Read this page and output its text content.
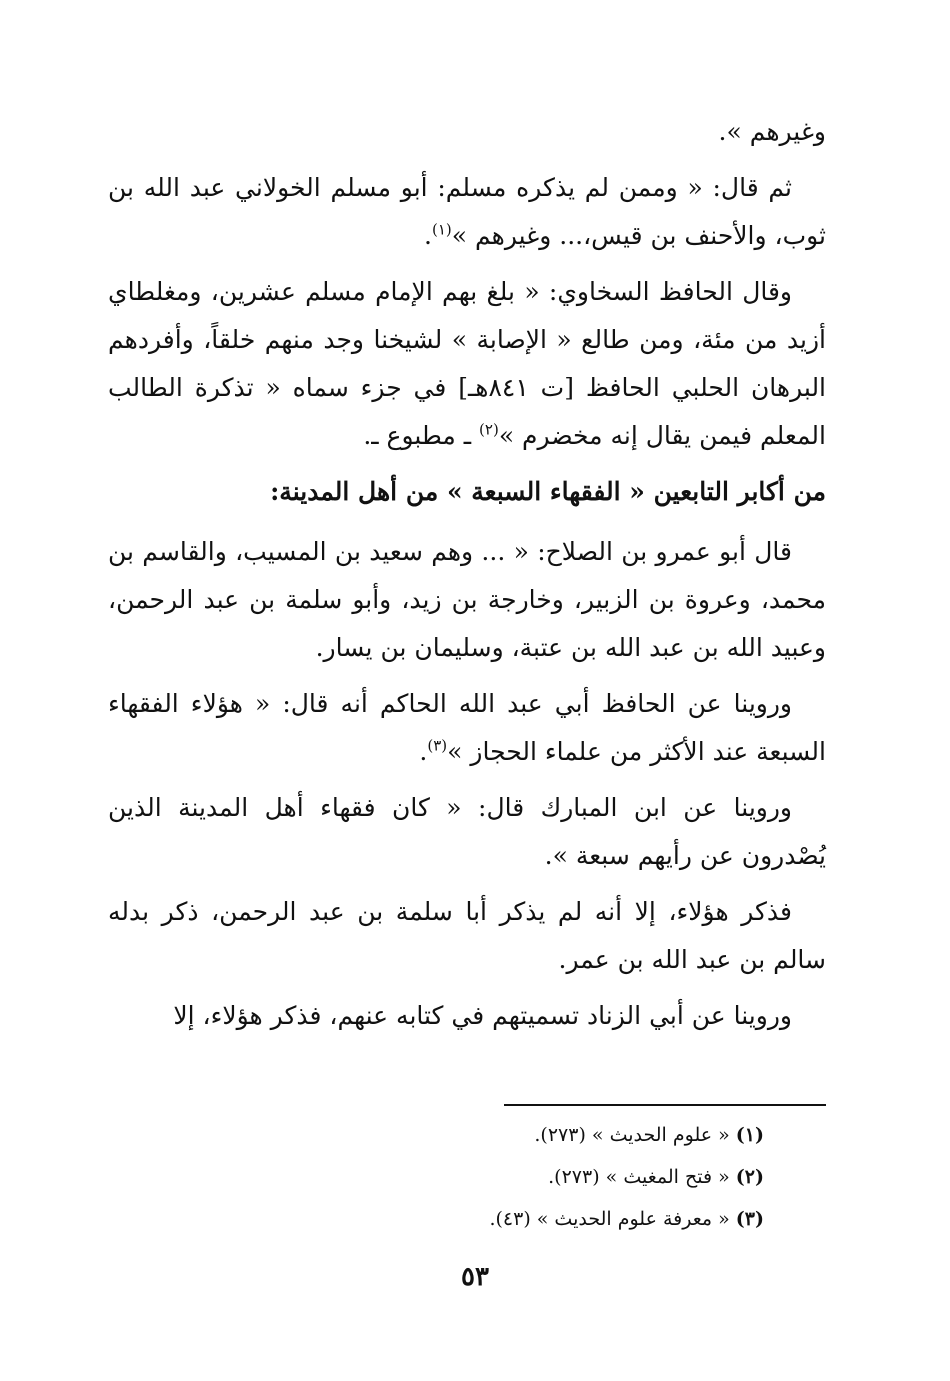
وغيرهم ».

ثم قال: « وممن لم يذكره مسلم: أبو مسلم الخولاني عبد الله بن ثوب، والأحنف بن قيس،... وغيرهم »$^{(١)}$.

وقال الحافظ السخاوي: « بلغ بهم الإمام مسلم عشرين، ومغلطاي أزيد من مئة، ومن طالع « الإصابة » لشيخنا وجد منهم خلقاً، وأفردهم البرهان الحلبي الحافظ [ت ٨٤١هـ] في جزء سماه « تذكرة الطالب المعلم فيمن يقال إنه مخضرم »$^{(٢)}$ ـ مطبوع ـ.

من أكابر التابعين « الفقهاء السبعة » من أهل المدينة:

قال أبو عمرو بن الصلاح: « ... وهم سعيد بن المسيب، والقاسم بن محمد، وعروة بن الزبير، وخارجة بن زيد، وأبو سلمة بن عبد الرحمن، وعبيد الله بن عبد الله بن عتبة، وسليمان بن يسار.

وروينا عن الحافظ أبي عبد الله الحاكم أنه قال: « هؤلاء الفقهاء السبعة عند الأكثر من علماء الحجاز »$^{(٣)}$.

وروينا عن ابن المبارك قال: « كان فقهاء أهل المدينة الذين يُصْدرون عن رأيهم سبعة ».

فذكر هؤلاء، إلا أنه لم يذكر أبا سلمة بن عبد الرحمن، ذكر بدله سالم بن عبد الله بن عمر.

وروينا عن أبي الزناد تسميتهم في كتابه عنهم، فذكر هؤلاء، إلا

(١) « علوم الحديث » (٢٧٣).

(٢) « فتح المغيث » (٢٧٣).

(٣) « معرفة علوم الحديث » (٤٣).

٥٣
